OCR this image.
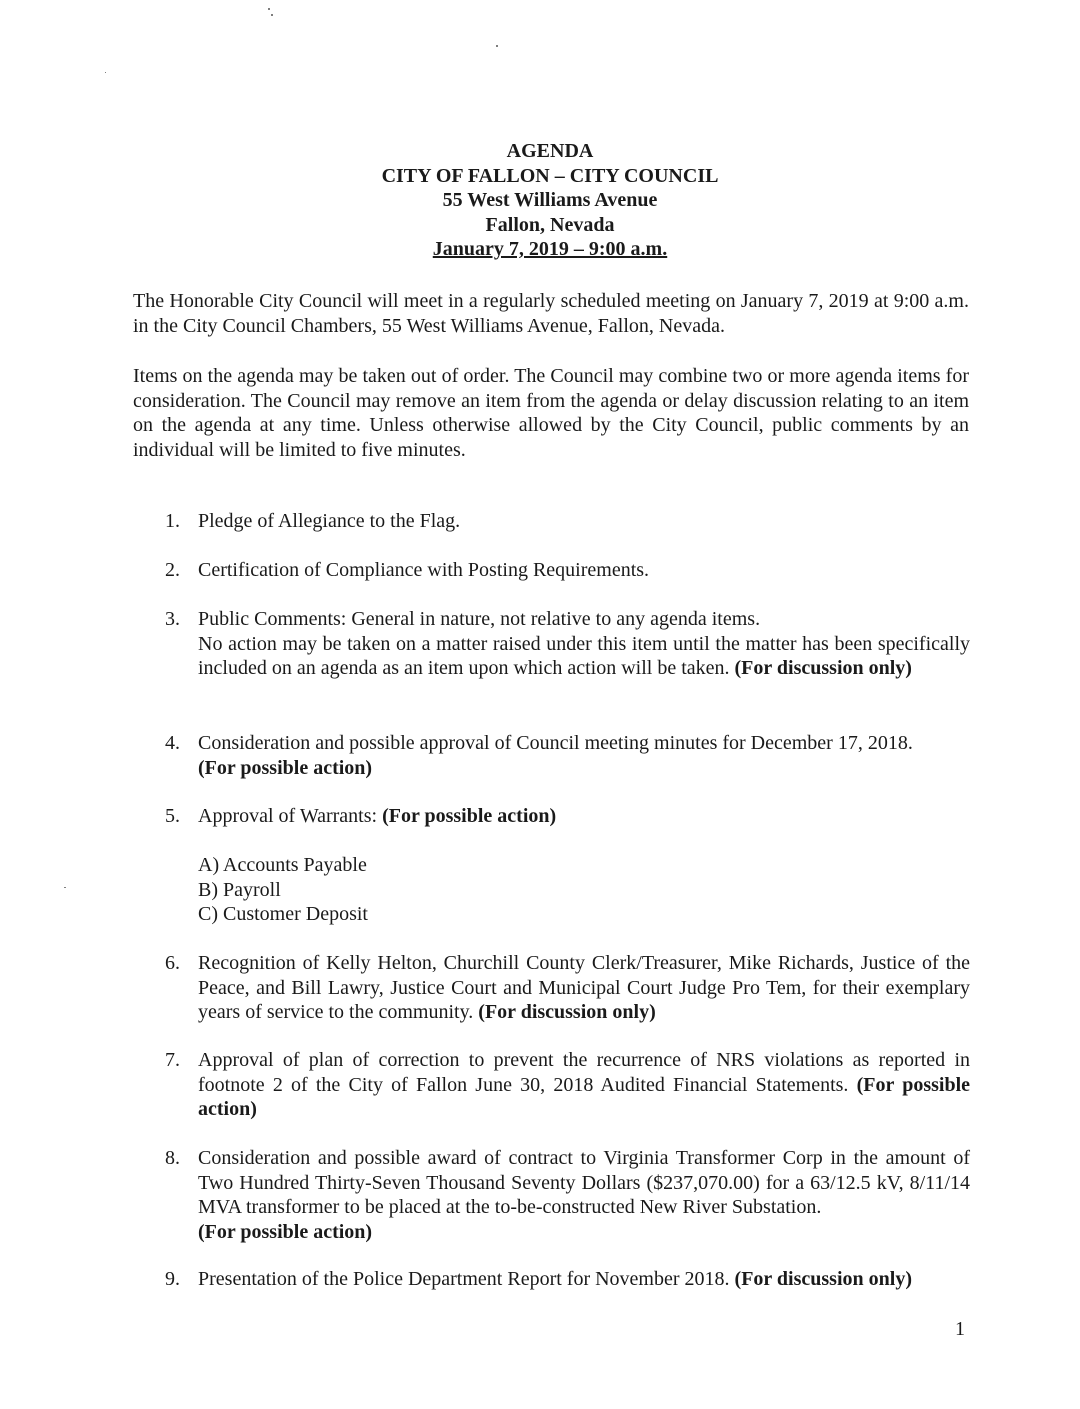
AGENDA
CITY OF FALLON – CITY COUNCIL
55 West Williams Avenue
Fallon, Nevada
January 7, 2019 – 9:00 a.m.
The Honorable City Council will meet in a regularly scheduled meeting on January 7, 2019 at 9:00 a.m. in the City Council Chambers, 55 West Williams Avenue, Fallon, Nevada.
Items on the agenda may be taken out of order. The Council may combine two or more agenda items for consideration. The Council may remove an item from the agenda or delay discussion relating to an item on the agenda at any time. Unless otherwise allowed by the City Council, public comments by an individual will be limited to five minutes.
1. Pledge of Allegiance to the Flag.
2. Certification of Compliance with Posting Requirements.
3. Public Comments: General in nature, not relative to any agenda items.
No action may be taken on a matter raised under this item until the matter has been specifically included on an agenda as an item upon which action will be taken. (For discussion only)
4. Consideration and possible approval of Council meeting minutes for December 17, 2018.
(For possible action)
5. Approval of Warrants: (For possible action)
A) Accounts Payable
B) Payroll
C) Customer Deposit
6. Recognition of Kelly Helton, Churchill County Clerk/Treasurer, Mike Richards, Justice of the Peace, and Bill Lawry, Justice Court and Municipal Court Judge Pro Tem, for their exemplary years of service to the community. (For discussion only)
7. Approval of plan of correction to prevent the recurrence of NRS violations as reported in footnote 2 of the City of Fallon June 30, 2018 Audited Financial Statements. (For possible action)
8. Consideration and possible award of contract to Virginia Transformer Corp in the amount of Two Hundred Thirty-Seven Thousand Seventy Dollars ($237,070.00) for a 63/12.5 kV, 8/11/14 MVA transformer to be placed at the to-be-constructed New River Substation.
(For possible action)
9. Presentation of the Police Department Report for November 2018. (For discussion only)
1
